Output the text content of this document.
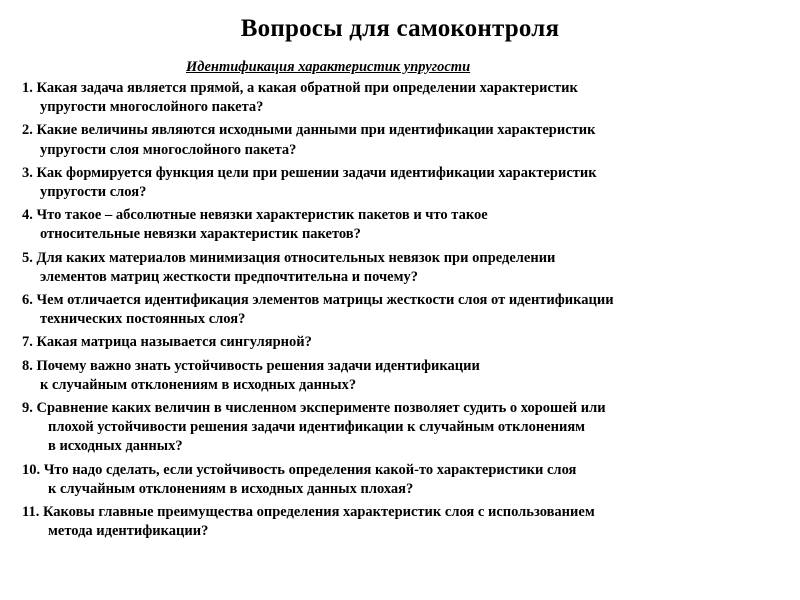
Вопросы для самоконтроля
Идентификация характеристик упругости
1. Какая задача является прямой, а какая обратной при определении характеристик
упругости многослойного пакета?
2. Какие величины являются исходными данными при идентификации характеристик
упругости слоя многослойного пакета?
3. Как формируется функция цели при решении задачи идентификации характеристик
упругости слоя?
4. Что такое – абсолютные невязки характеристик пакетов и что такое
относительные невязки характеристик пакетов?
5. Для каких материалов минимизация относительных невязок при определении
элементов матриц жесткости предпочтительна и почему?
6. Чем отличается идентификация элементов матрицы жесткости слоя от идентификации
технических постоянных слоя?
7. Какая матрица называется сингулярной?
8. Почему важно знать устойчивость решения задачи идентификации
к случайным отклонениям в исходных данных?
9. Сравнение каких величин в численном эксперименте позволяет судить о хорошей или
плохой устойчивости решения задачи идентификации к случайным отклонениям
в исходных данных?
10. Что надо сделать, если устойчивость определения какой-то характеристики слоя
к случайным отклонениям в исходных данных плохая?
11. Каковы главные преимущества определения характеристик слоя с использованием
метода идентификации?
